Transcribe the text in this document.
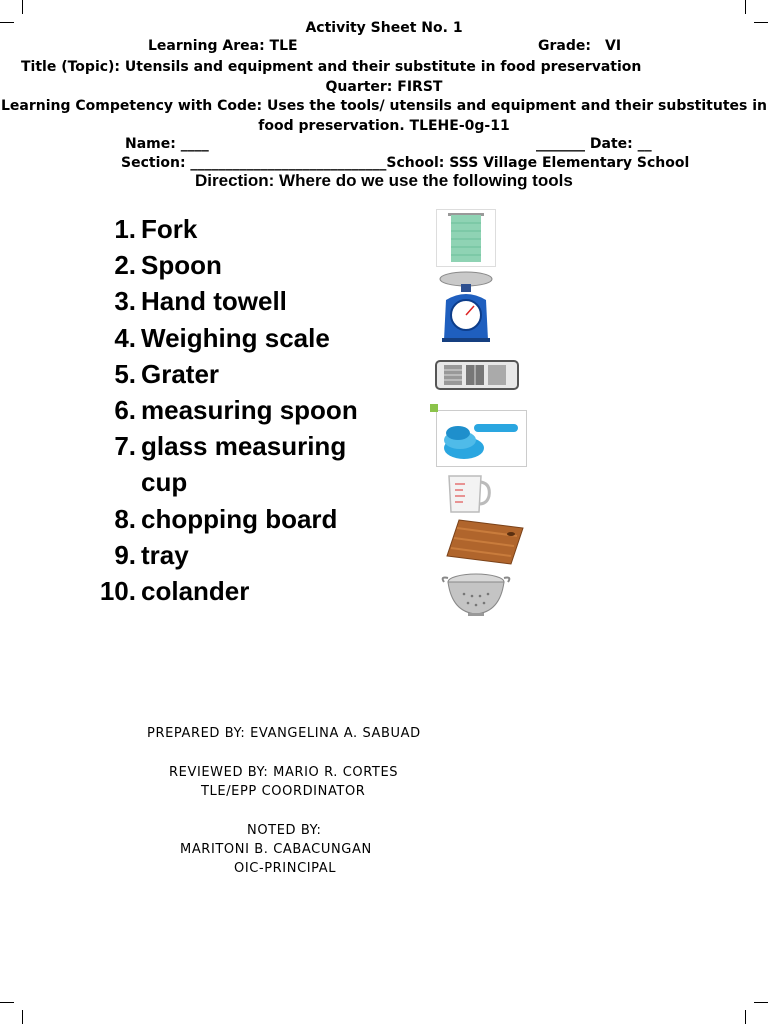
Activity Sheet No. 1
Learning Area: TLE	Grade: VI
Title (Topic): Utensils and equipment and their substitute in food preservation
Quarter: FIRST
Learning Competency with Code: Uses the tools/ utensils and equipment and their substitutes in
food preservation. TLEHE-0g-11
Name: ____	_______ Date: __
Section: ____________________________School: SSS Village Elementary School
Direction: Where do we use the following tools
1. Fork
2. Spoon
3. Hand towell
4. Weighing scale
5. Grater
6. measuring spoon
7. glass measuring
cup
8. chopping board
9. tray
10. colander
PREPARED BY: EVANGELINA A. SABUAD
REVIEWED BY: MARIO R. CORTES
TLE/EPP COORDINATOR
NOTED BY:
MARITONI B. CABACUNGAN
OIC-PRINCIPAL
